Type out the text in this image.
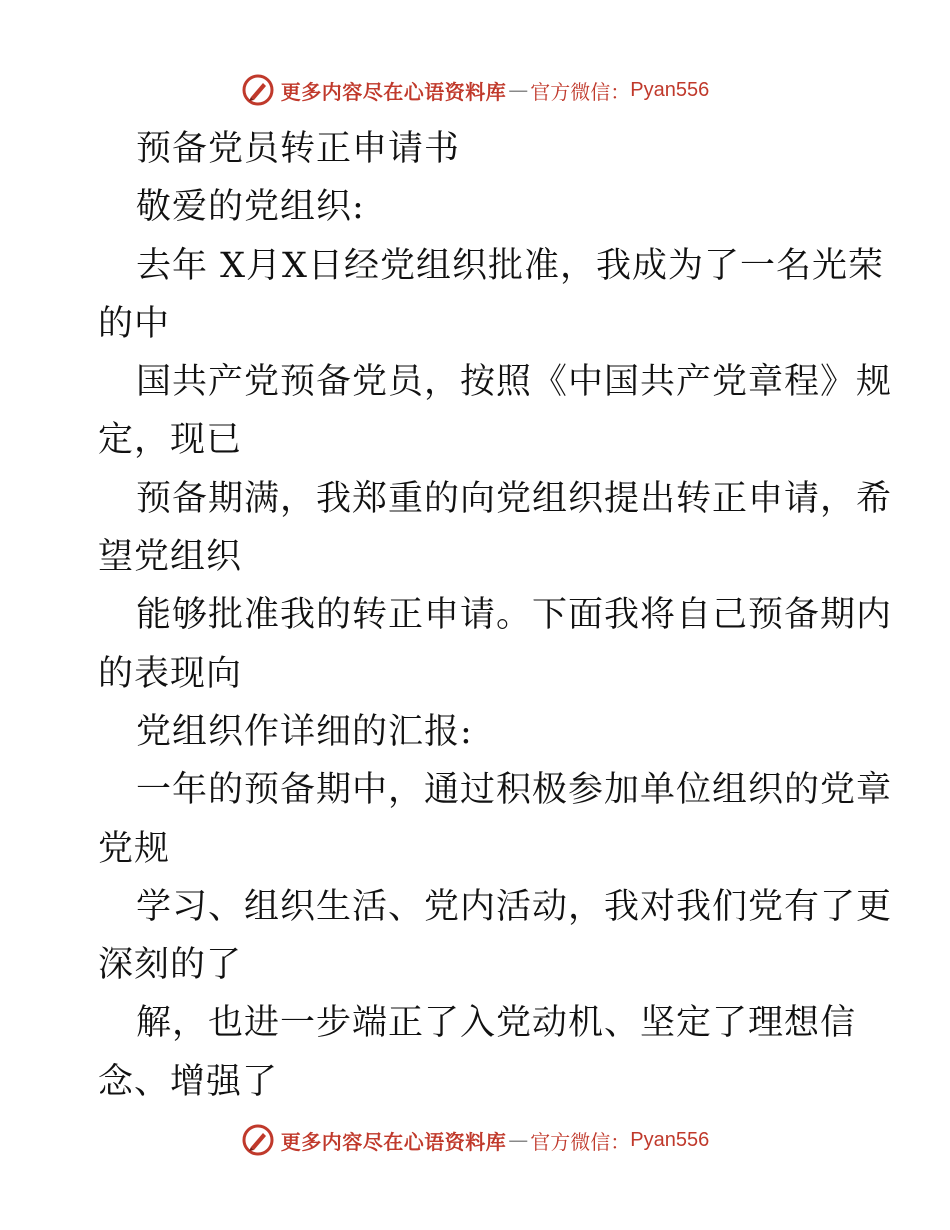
更多内容尽在心语资料库 — 官方微信： Pyan556
预备党员转正申请书
敬爱的党组织:
去年 X月X日经党组织批准，我成为了一名光荣
的中
国共产党预备党员，按照《中国共产党章程》规
定，现已
预备期满，我郑重的向党组织提出转正申请，希
望党组织
能够批准我的转正申请。下面我将自己预备期内
的表现向
党组织作详细的汇报:
一年的预备期中，通过积极参加单位组织的党章
党规
学习、组织生活、党内活动，我对我们党有了更
深刻的了
解，也进一步端正了入党动机、坚定了理想信
念、增强了
更多内容尽在心语资料库 — 官方微信： Pyan556
